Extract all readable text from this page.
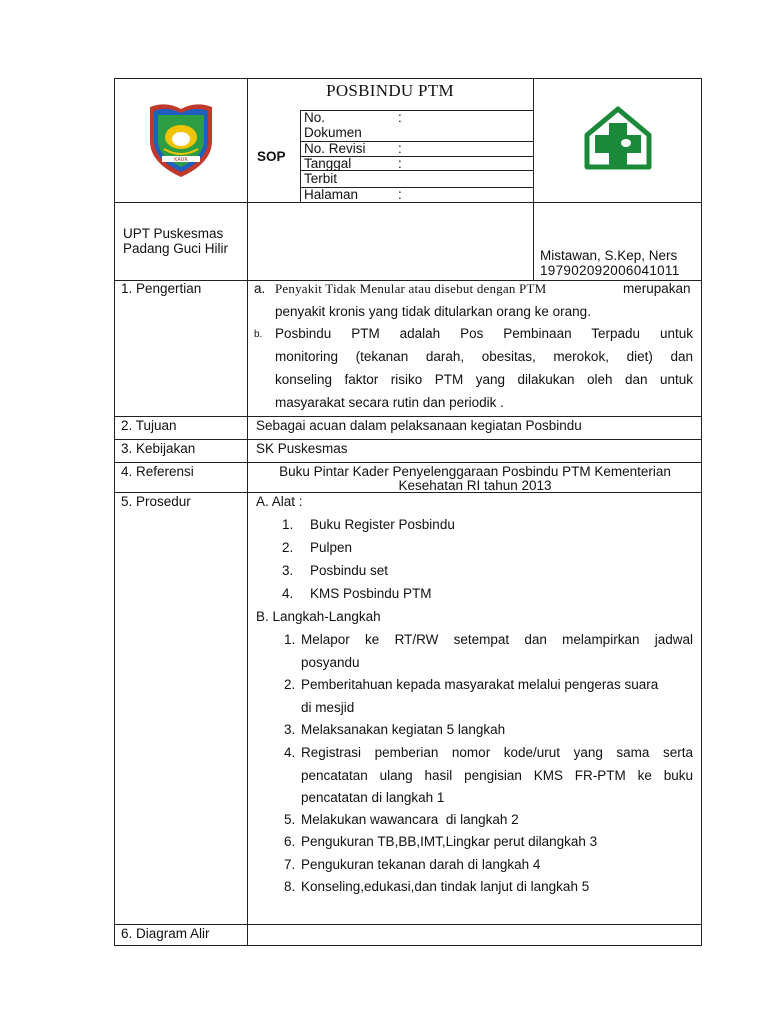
KAUR
POSBINDU PTM
SOP
No.
Dokumen
:
No. Revisi :
Tanggal
Terbit
:
Halaman	:
UPT Puskesmas
Padang Guci Hilir	Mistawan, S.Kep, Ners
197902092006041011
1. Pengertian	a. Penyakit Tidak Menular atau disebut dengan PTM	merupakan
penyakit kronis yang tidak ditularkan orang ke orang.
b. Posbindu PTM adalah Pos Pembinaan Terpadu untuk
monitoring (tekanan darah, obesitas, merokok, diet) dan
konseling faktor risiko PTM yang dilakukan oleh dan untuk
masyarakat secara rutin dan periodik .
2. Tujuan	Sebagai acuan dalam pelaksanaan kegiatan Posbindu
3. Kebijakan	SK Puskesmas
4. Referensi	Buku Pintar Kader Penyelenggaraan Posbindu PTM Kementerian
Kesehatan RI tahun 2013
5. Prosedur	A. Alat :
1. Buku Register Posbindu
2. Pulpen
3. Posbindu set
4. KMS Posbindu PTM
B. Langkah-Langkah
1. Melapor ke RT/RW setempat dan melampirkan jadwal
posyandu
2. Pemberitahuan kepada masyarakat melalui pengeras suara
di mesjid
3. Melaksanakan kegiatan 5 langkah
4. Registrasi pemberian nomor kode/urut yang sama serta
pencatatan ulang hasil pengisian KMS FR-PTM ke buku
pencatatan di langkah 1
5. Melakukan wawancara  di langkah 2
6. Pengukuran TB,BB,IMT,Lingkar perut dilangkah 3
7. Pengukuran tekanan darah di langkah 4
8. Konseling,edukasi,dan tindak lanjut di langkah 5
6. Diagram Alir
